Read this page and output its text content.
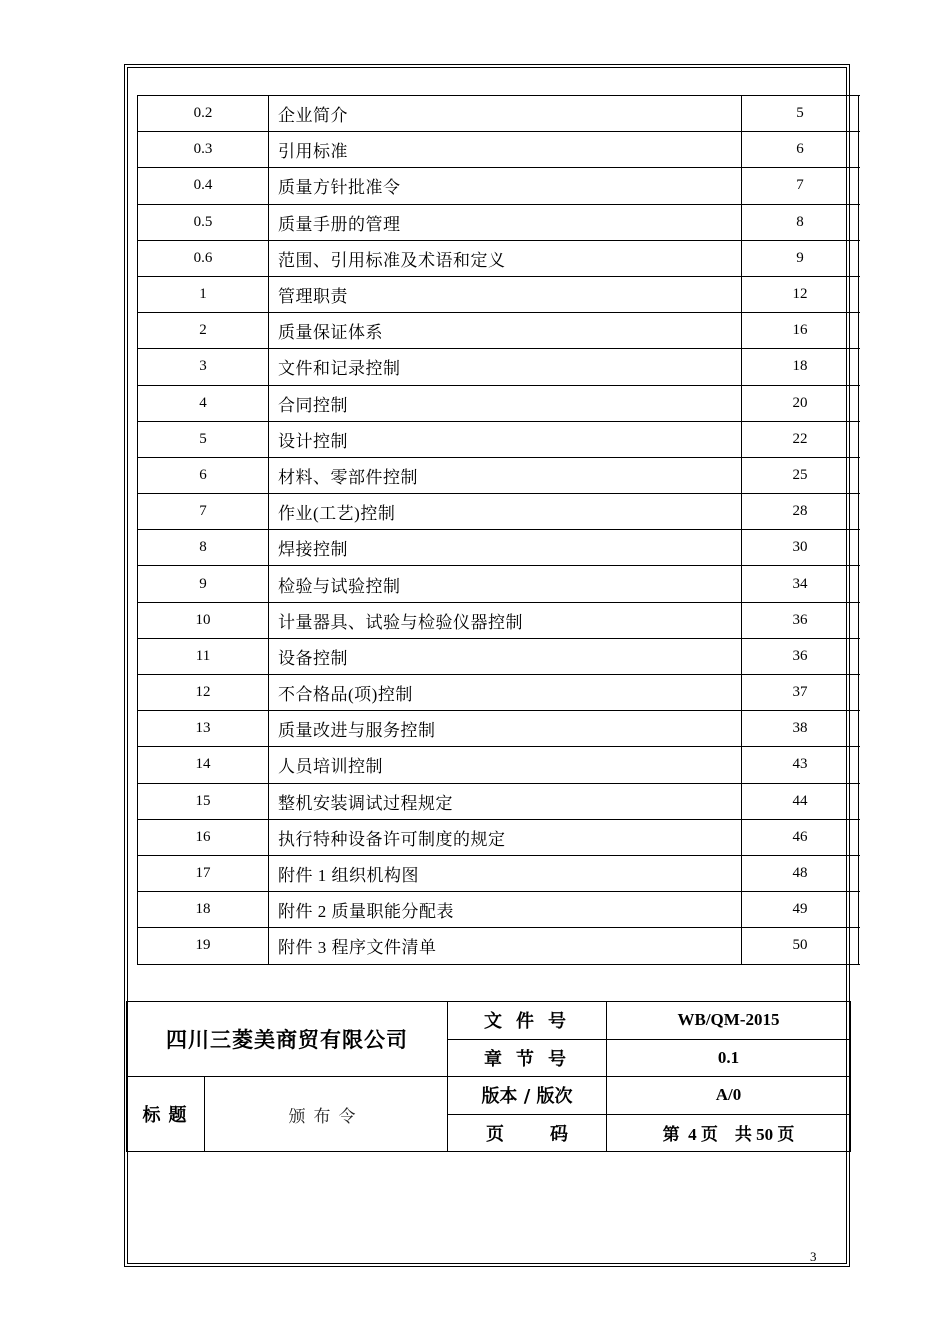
0.2	企业简介	5	
0.3	引用标准	6	
0.4	质量方针批准令	7	
0.5	质量手册的管理	8	
0.6	范围、引用标准及术语和定义	9	
1	管理职责	12	
2	质量保证体系	16	
3	文件和记录控制	18	
4	合同控制	20	
5	设计控制	22	
6	材料、零部件控制	25	
7	作业(工艺)控制	28	
8	焊接控制	30	
9	检验与试验控制	34	
10	计量器具、试验与检验仪器控制	36	
11	设备控制	36	
12	不合格品(项)控制	37	
13	质量改进与服务控制	38	
14	人员培训控制	43	
15	整机安装调试过程规定	44	
16	执行特种设备许可制度的规定	46	
17	附件 1 组织机构图	48	
18	附件 2 质量职能分配表	49	
19	附件 3 程序文件清单	50	
四川三菱美商贸有限公司		文件号	WB/QM-2015
		章节号	0.1
标题	颁布令	版本 / 版次	A/0
		页 码	第  4 页    共 50 页
3
